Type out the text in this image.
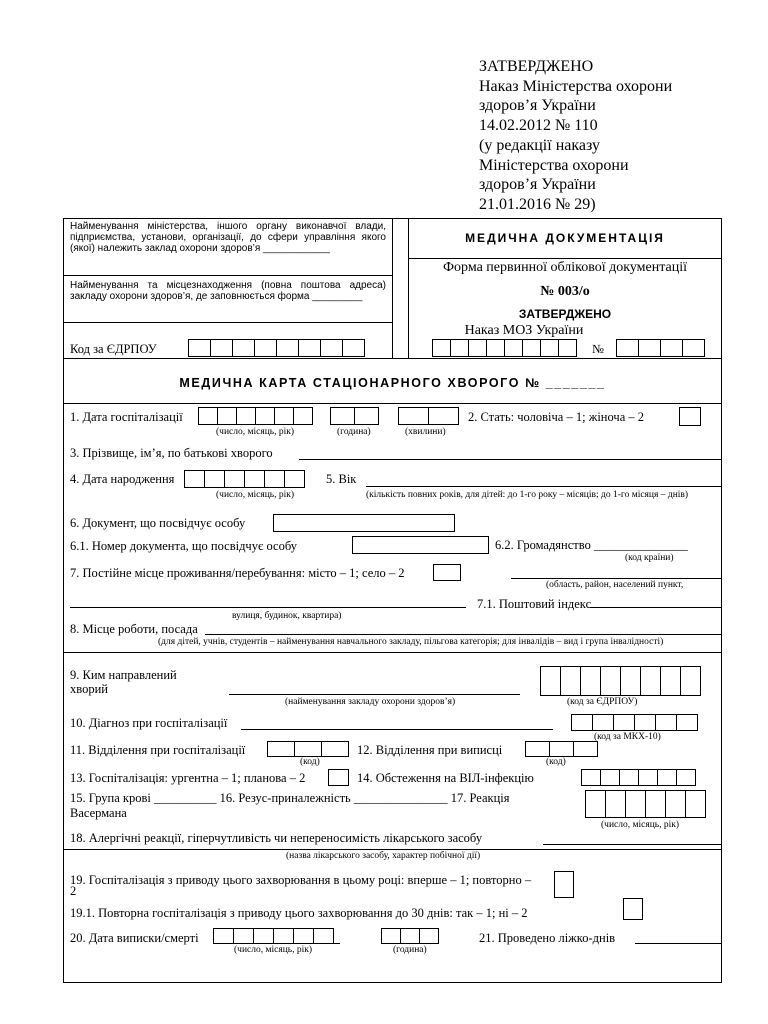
ЗАТВЕРДЖЕНО
Наказ Міністерства охорони
здоров’я України
14.02.2012 № 110
(у редакції наказу
Міністерства охорони
здоров’я України
21.01.2016 № 29)
Найменування міністерства, іншого органу виконавчої влади, підприємства, установи, організації, до сфери управління якого (якої) належить заклад охорони здоров’я ____________
Найменування та місцезнаходження (повна поштова адреса) закладу охорони здоров’я, де заповнюється форма _________
Код за ЄДРПОУ
МЕДИЧНА ДОКУМЕНТАЦІЯ
Форма первинної облікової документації
№ 003/о
ЗАТВЕРДЖЕНО
Наказ МОЗ України
№
МЕДИЧНА КАРТА СТАЦІОНАРНОГО ХВОРОГО № _______
1. Дата госпіталізації
(число, місяць, рік)	(година)	(хвилини)
2. Стать: чоловіча – 1; жіноча – 2
3. Прізвище, ім’я, по батькові хворого
4. Дата народження
(число, місяць, рік)
5. Вік
(кількість повних років, для дітей: до 1-го року – місяців; до 1-го місяця – днів)
6. Документ, що посвідчує особу
6.1. Номер документа, що посвідчує особу	6.2. Громадянство _______________
(код країни)
7. Постійне місце проживання/перебування: місто – 1; село – 2
(область, район, населений пункт,
7.1. Поштовий індекс
вулиця, будинок, квартира)
8. Місце роботи, посада
(для дітей, учнів, студентів – найменування навчального закладу, пільгова категорія; для інвалідів – вид і група інвалідності)
9. Ким направлений
хворий
(найменування закладу охорони здоров’я)	(код за ЄДРПОУ)
10. Діагноз при госпіталізації
(код за МКХ-10)
11. Відділення при госпіталізації
(код)
12. Відділення при виписці
(код)
13. Госпіталізація: ургентна – 1; планова – 2	14. Обстеження на ВІЛ-інфекцію
15. Група крові __________ 16. Резус-приналежність _______________ 17. Реакція
Васермана
(число, місяць, рік)
18. Алергічні реакції, гіперчутливість чи непереносимість лікарського засобу
(назва лікарського засобу, характер побічної дії)
19. Госпіталізація з приводу цього захворювання в цьому році: вперше – 1; повторно –
2
19.1. Повторна госпіталізація з приводу цього захворювання до 30 днів: так – 1; ні – 2
20. Дата виписки/смерті
(число, місяць, рік)	(година)
21. Проведено ліжко-днів
